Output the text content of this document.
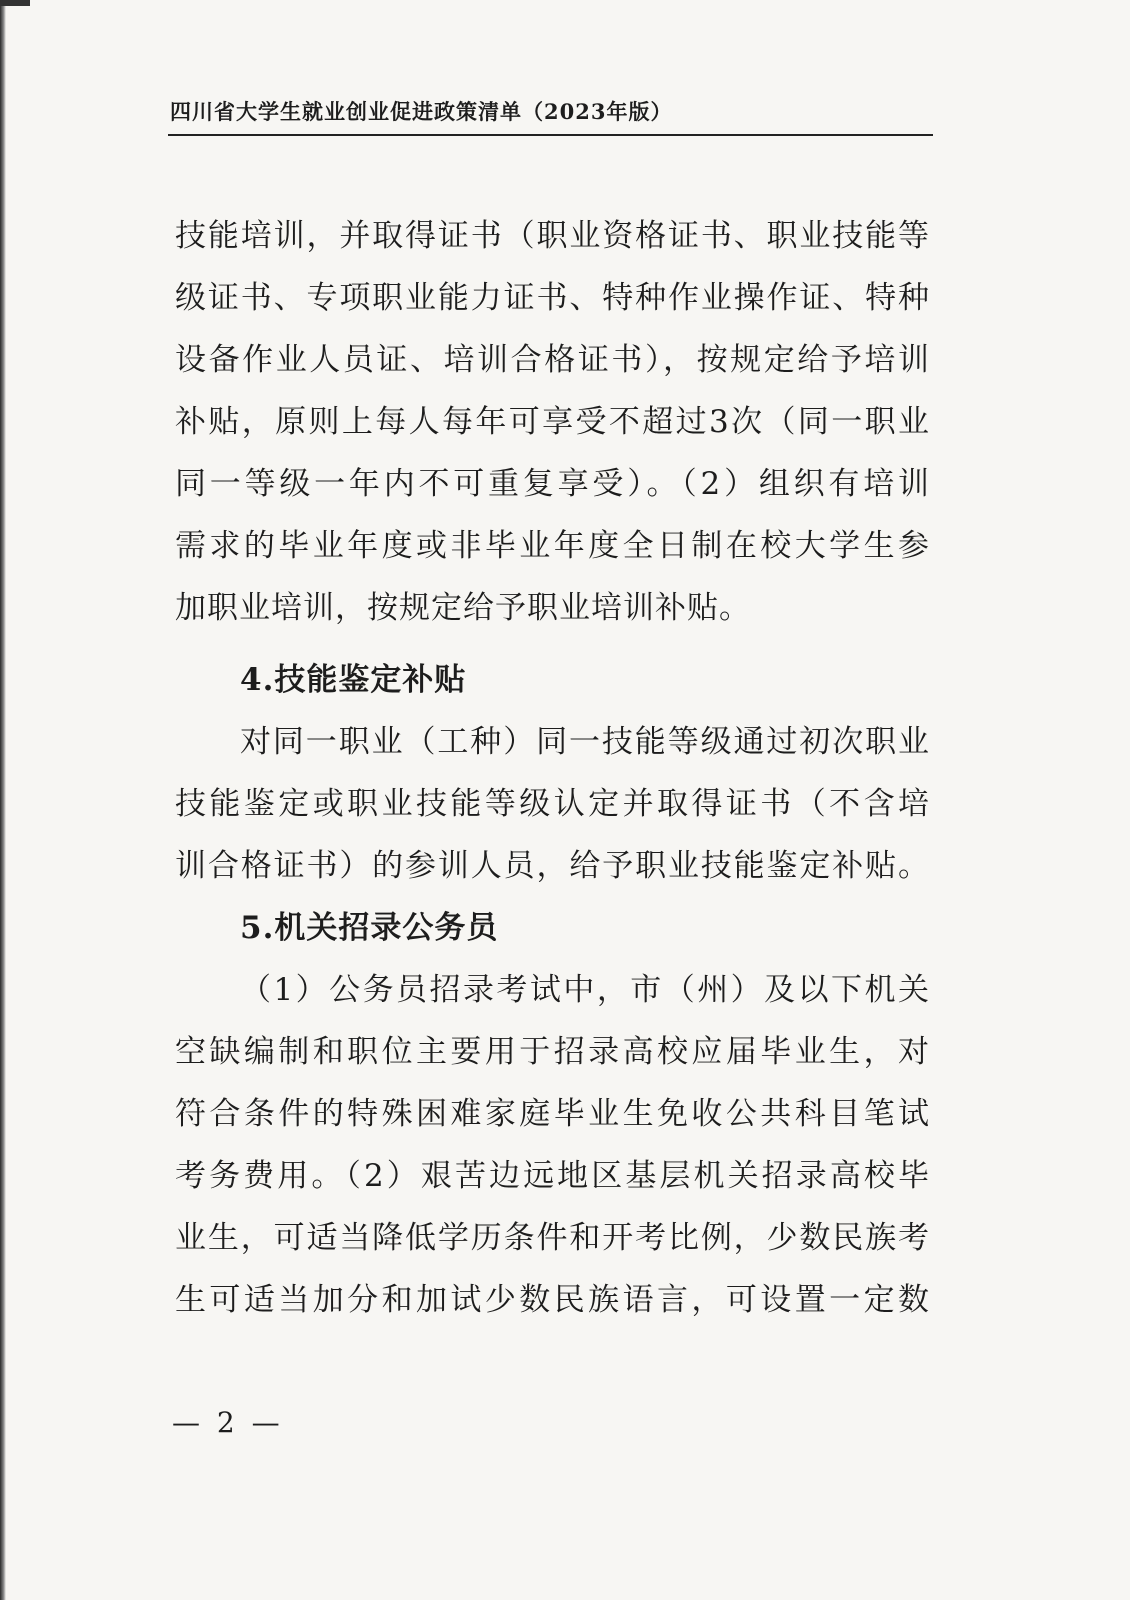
四川省大学生就业创业促进政策清单（2023年版）
技能培训，并取得证书（职业资格证书、职业技能等
级证书、专项职业能力证书、特种作业操作证、特种
设备作业人员证、培训合格证书），按规定给予培训
补贴，原则上每人每年可享受不超过3次（同一职业
同一等级一年内不可重复享受）。（2）组织有培训
需求的毕业年度或非毕业年度全日制在校大学生参
加职业培训，按规定给予职业培训补贴。
4.技能鉴定补贴
对同一职业（工种）同一技能等级通过初次职业
技能鉴定或职业技能等级认定并取得证书（不含培
训合格证书）的参训人员，给予职业技能鉴定补贴。
5.机关招录公务员
（1）公务员招录考试中，市（州）及以下机关
空缺编制和职位主要用于招录高校应届毕业生，对
符合条件的特殊困难家庭毕业生免收公共科目笔试
考务费用。（2）艰苦边远地区基层机关招录高校毕
业生，可适当降低学历条件和开考比例，少数民族考
生可适当加分和加试少数民族语言，可设置一定数
— 2 —
